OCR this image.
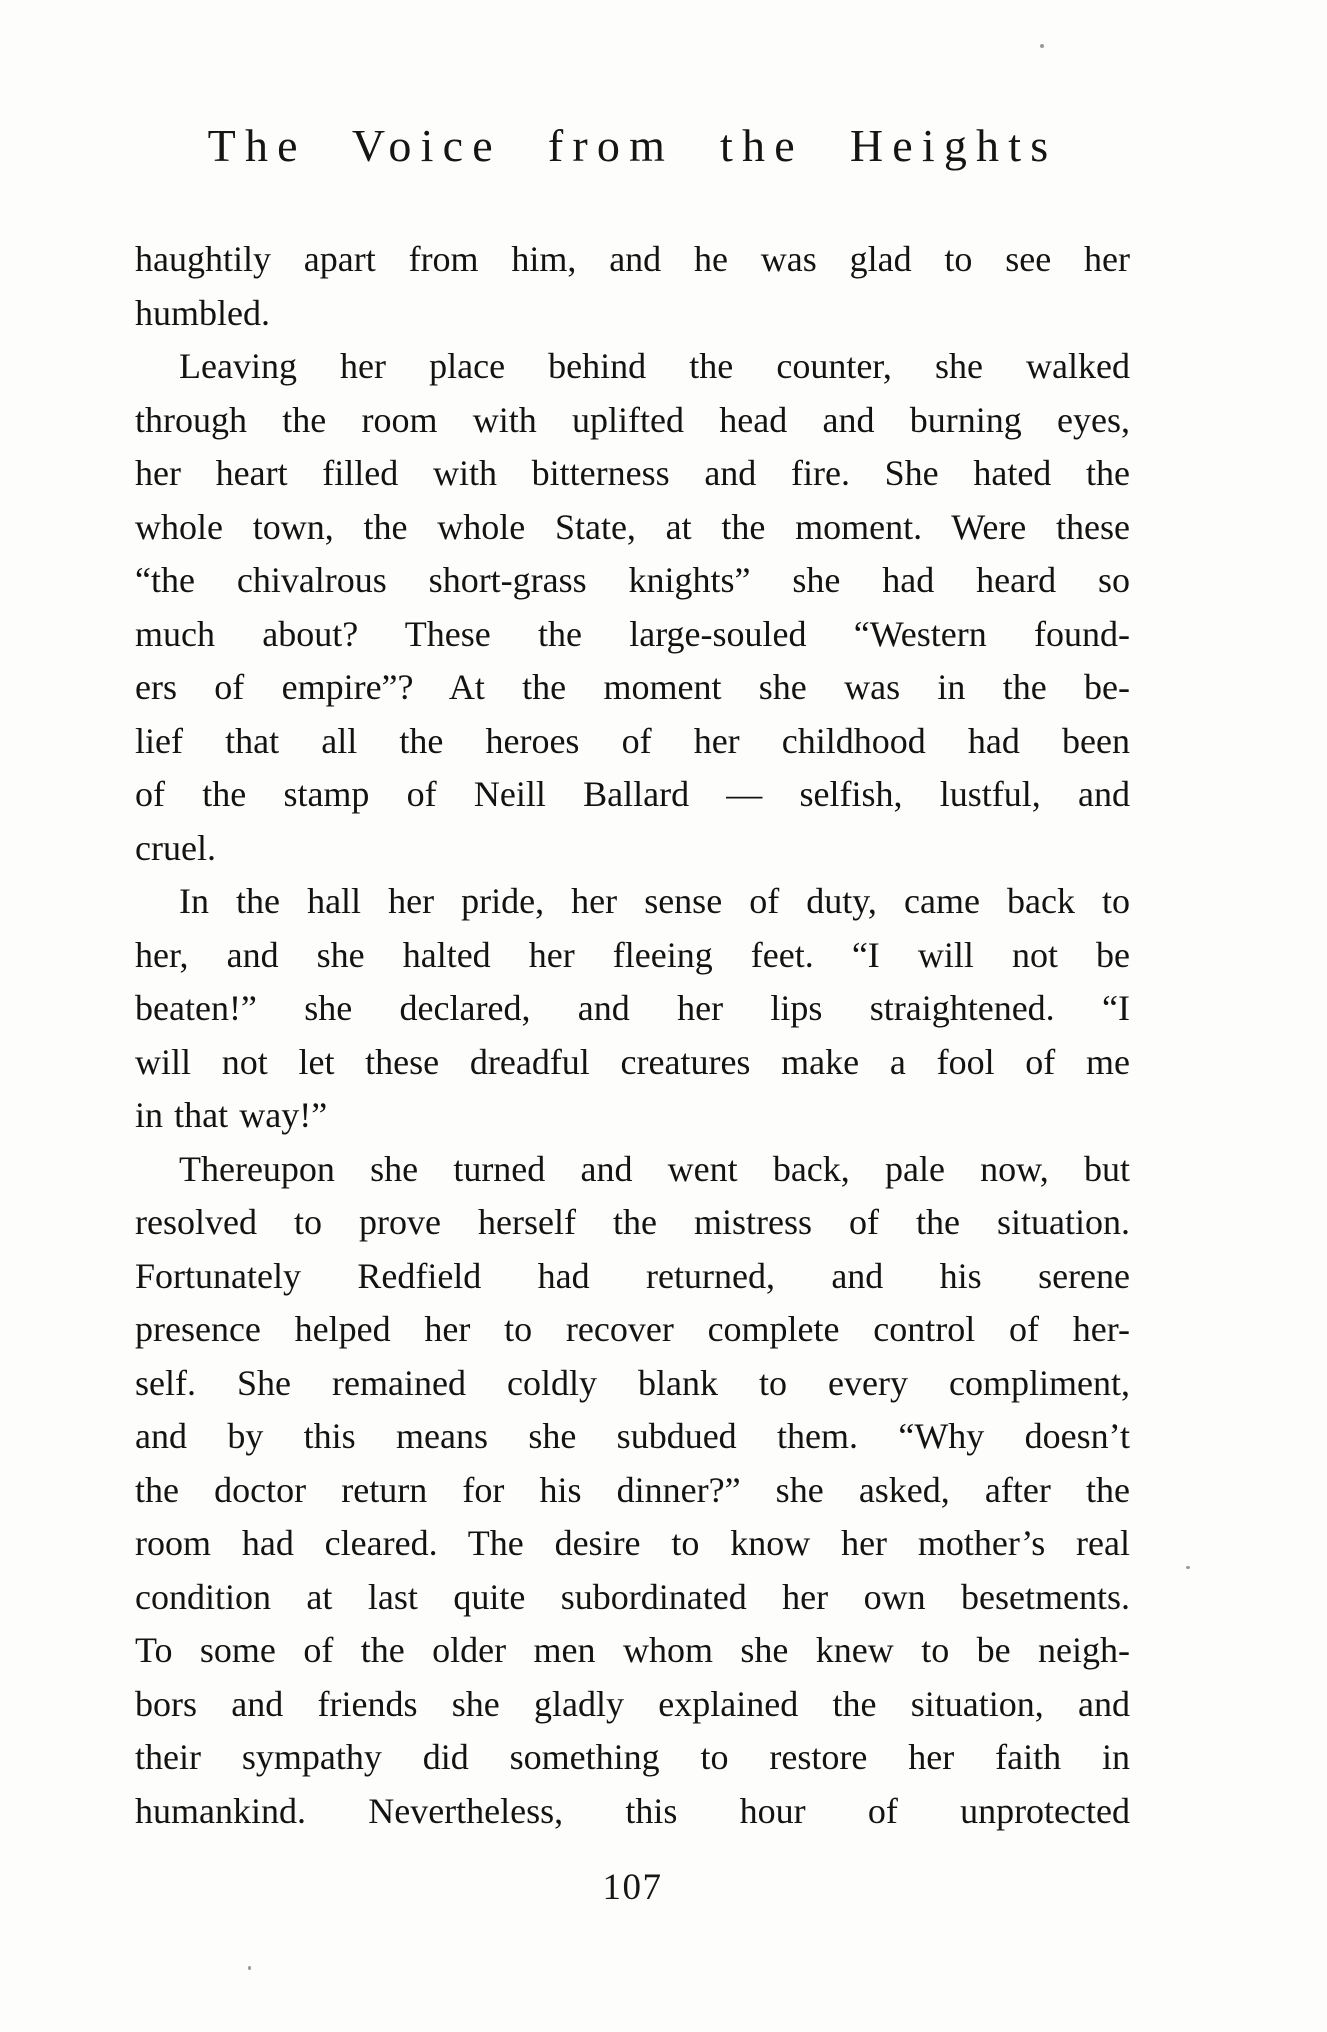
The Voice from the Heights
haughtily apart from him, and he was glad to see her
humbled.
Leaving her place behind the counter, she walked
through the room with uplifted head and burning eyes,
her heart filled with bitterness and fire. She hated the
whole town, the whole State, at the moment. Were these
“the chivalrous short-grass knights” she had heard so
much about? These the large-souled “Western found-
ers of empire”? At the moment she was in the be-
lief that all the heroes of her childhood had been
of the stamp of Neill Ballard — selfish, lustful, and
cruel.
In the hall her pride, her sense of duty, came back to
her, and she halted her fleeing feet. “I will not be
beaten!” she declared, and her lips straightened. “I
will not let these dreadful creatures make a fool of me
in that way!”
Thereupon she turned and went back, pale now, but
resolved to prove herself the mistress of the situation.
Fortunately Redfield had returned, and his serene
presence helped her to recover complete control of her-
self. She remained coldly blank to every compliment,
and by this means she subdued them. “Why doesn’t
the doctor return for his dinner?” she asked, after the
room had cleared. The desire to know her mother’s real
condition at last quite subordinated her own besetments.
To some of the older men whom she knew to be neigh-
bors and friends she gladly explained the situation, and
their sympathy did something to restore her faith in
humankind. Nevertheless, this hour of unprotected
107
